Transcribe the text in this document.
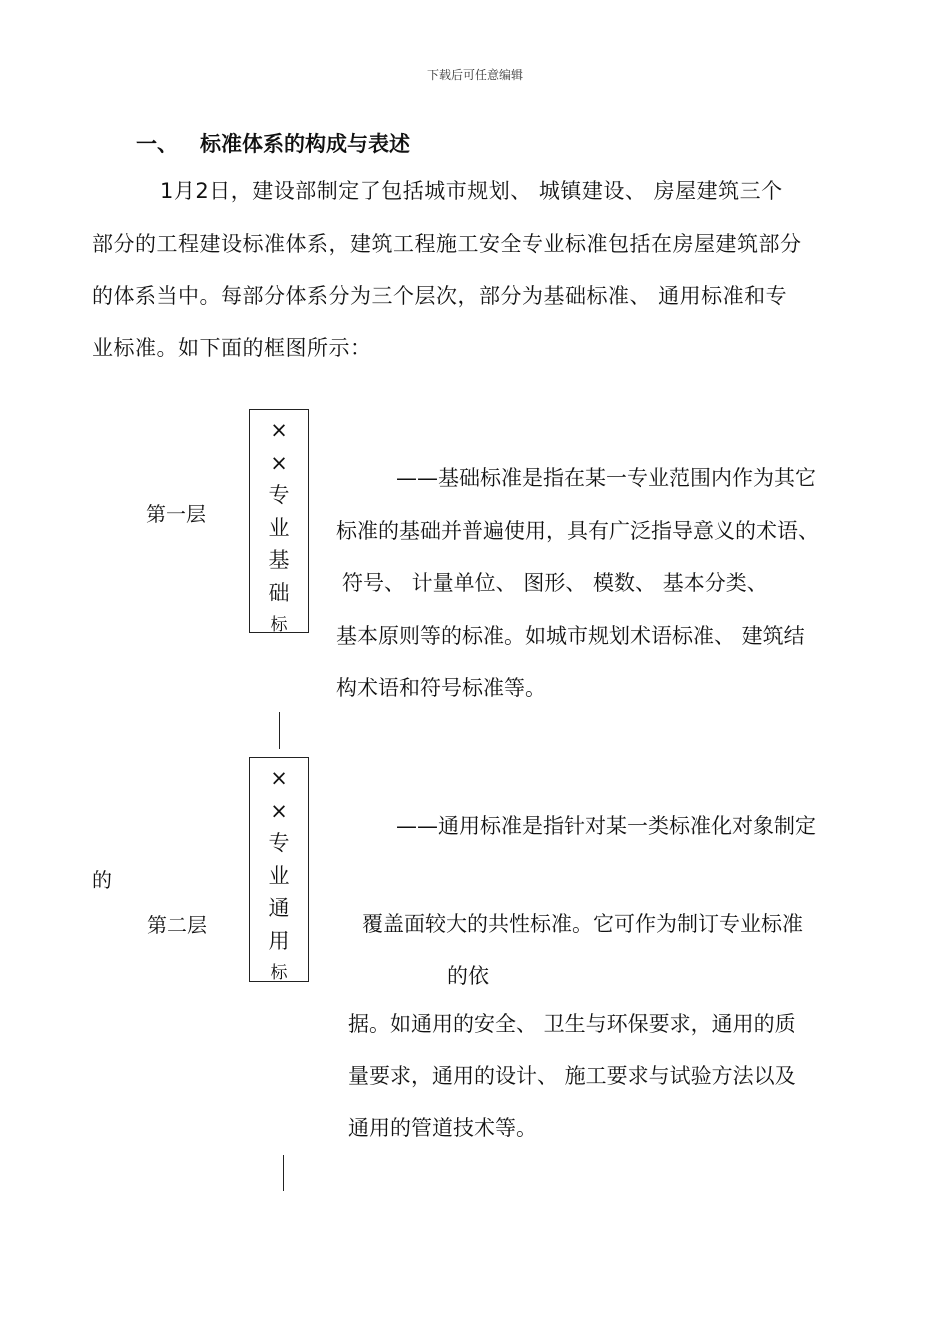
下载后可任意编辑
一、 标准体系的构成与表述
1月2日，建设部制定了包括城市规划、 城镇建设、 房屋建筑三个
部分的工程建设标准体系，建筑工程施工安全专业标准包括在房屋建筑部分
的体系当中。每部分体系分为三个层次，部分为基础标准、 通用标准和专
业标准。如下面的框图所示：
第一层
×
×
专
业
基
础
标
——基础标准是指在某一专业范围内作为其它
标准的基础并普遍使用，具有广泛指导意义的术语、
符号、 计量单位、 图形、 模数、 基本分类、
基本原则等的标准。如城市规划术语标准、 建筑结
构术语和符号标准等。
的
第二层
×
×
专
业
通
用
标
——通用标准是指针对某一类标准化对象制定
覆盖面较大的共性标准。它可作为制订专业标准
的依
据。如通用的安全、 卫生与环保要求，通用的质
量要求，通用的设计、 施工要求与试验方法以及
通用的管道技术等。
